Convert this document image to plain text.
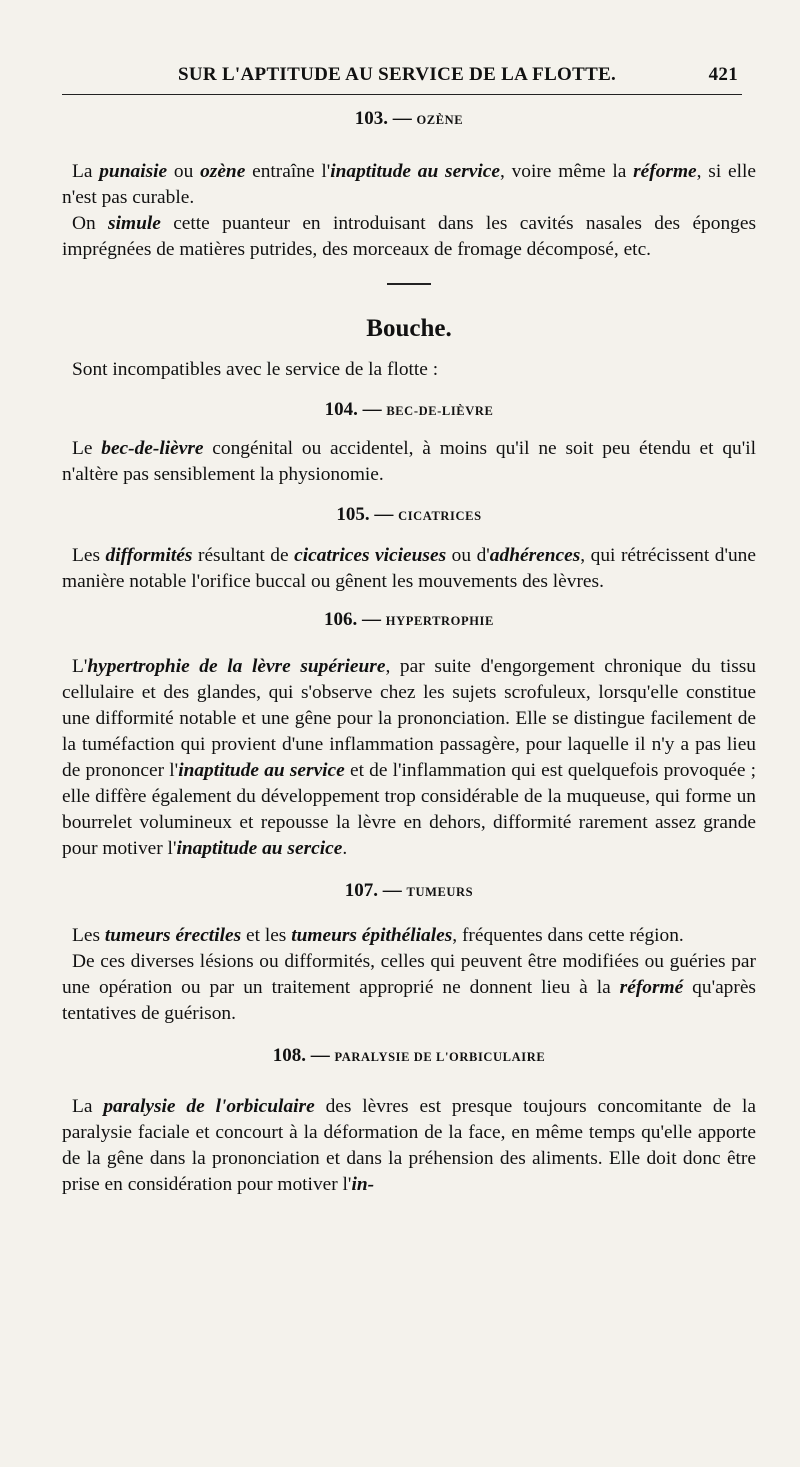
SUR L'APTITUDE AU SERVICE DE LA FLOTTE.	421
103. — OZÈNE

La punaisie ou ozène entraîne l'inaptitude au service, voire même la réforme, si elle n'est pas curable.

On simule cette puanteur en introduisant dans les cavités nasales des éponges imprégnées de matières putrides, des morceaux de fromage décomposé, etc.

Bouche.

Sont incompatibles avec le service de la flotte :

104. — BEC-DE-LIÈVRE

Le bec-de-lièvre congénital ou accidentel, à moins qu'il ne soit peu étendu et qu'il n'altère pas sensiblement la physionomie.

105. — CICATRICES

Les difformités résultant de cicatrices vicieuses ou d'adhérences, qui rétrécissent d'une manière notable l'orifice buccal ou gênent les mouvements des lèvres.

106. — HYPERTROPHIE

L'hypertrophie de la lèvre supérieure, par suite d'engorgement chronique du tissu cellulaire et des glandes, qui s'observe chez les sujets scrofuleux, lorsqu'elle constitue une difformité notable et une gêne pour la prononciation. Elle se distingue facilement de la tuméfaction qui provient d'une inflammation passagère, pour laquelle il n'y a pas lieu de prononcer l'inaptitude au service et de l'inflammation qui est quelquefois provoquée ; elle diffère également du développement trop considérable de la muqueuse, qui forme un bourrelet volumineux et repousse la lèvre en dehors, difformité rarement assez grande pour motiver l'inaptitude au sercice.

107. — TUMEURS

Les tumeurs érectiles et les tumeurs épithéliales, fréquentes dans cette région.

De ces diverses lésions ou difformités, celles qui peuvent être modifiées ou guéries par une opération ou par un traitement approprié ne donnent lieu à la réformé qu'après tentatives de guérison.

108. — PARALYSIE DE L'ORBICULAIRE

La paralysie de l'orbiculaire des lèvres est presque toujours concomitante de la paralysie faciale et concourt à la déformation de la face, en même temps qu'elle apporte de la gêne dans la prononciation et dans la préhension des aliments. Elle doit donc être prise en considération pour motiver l'in-
